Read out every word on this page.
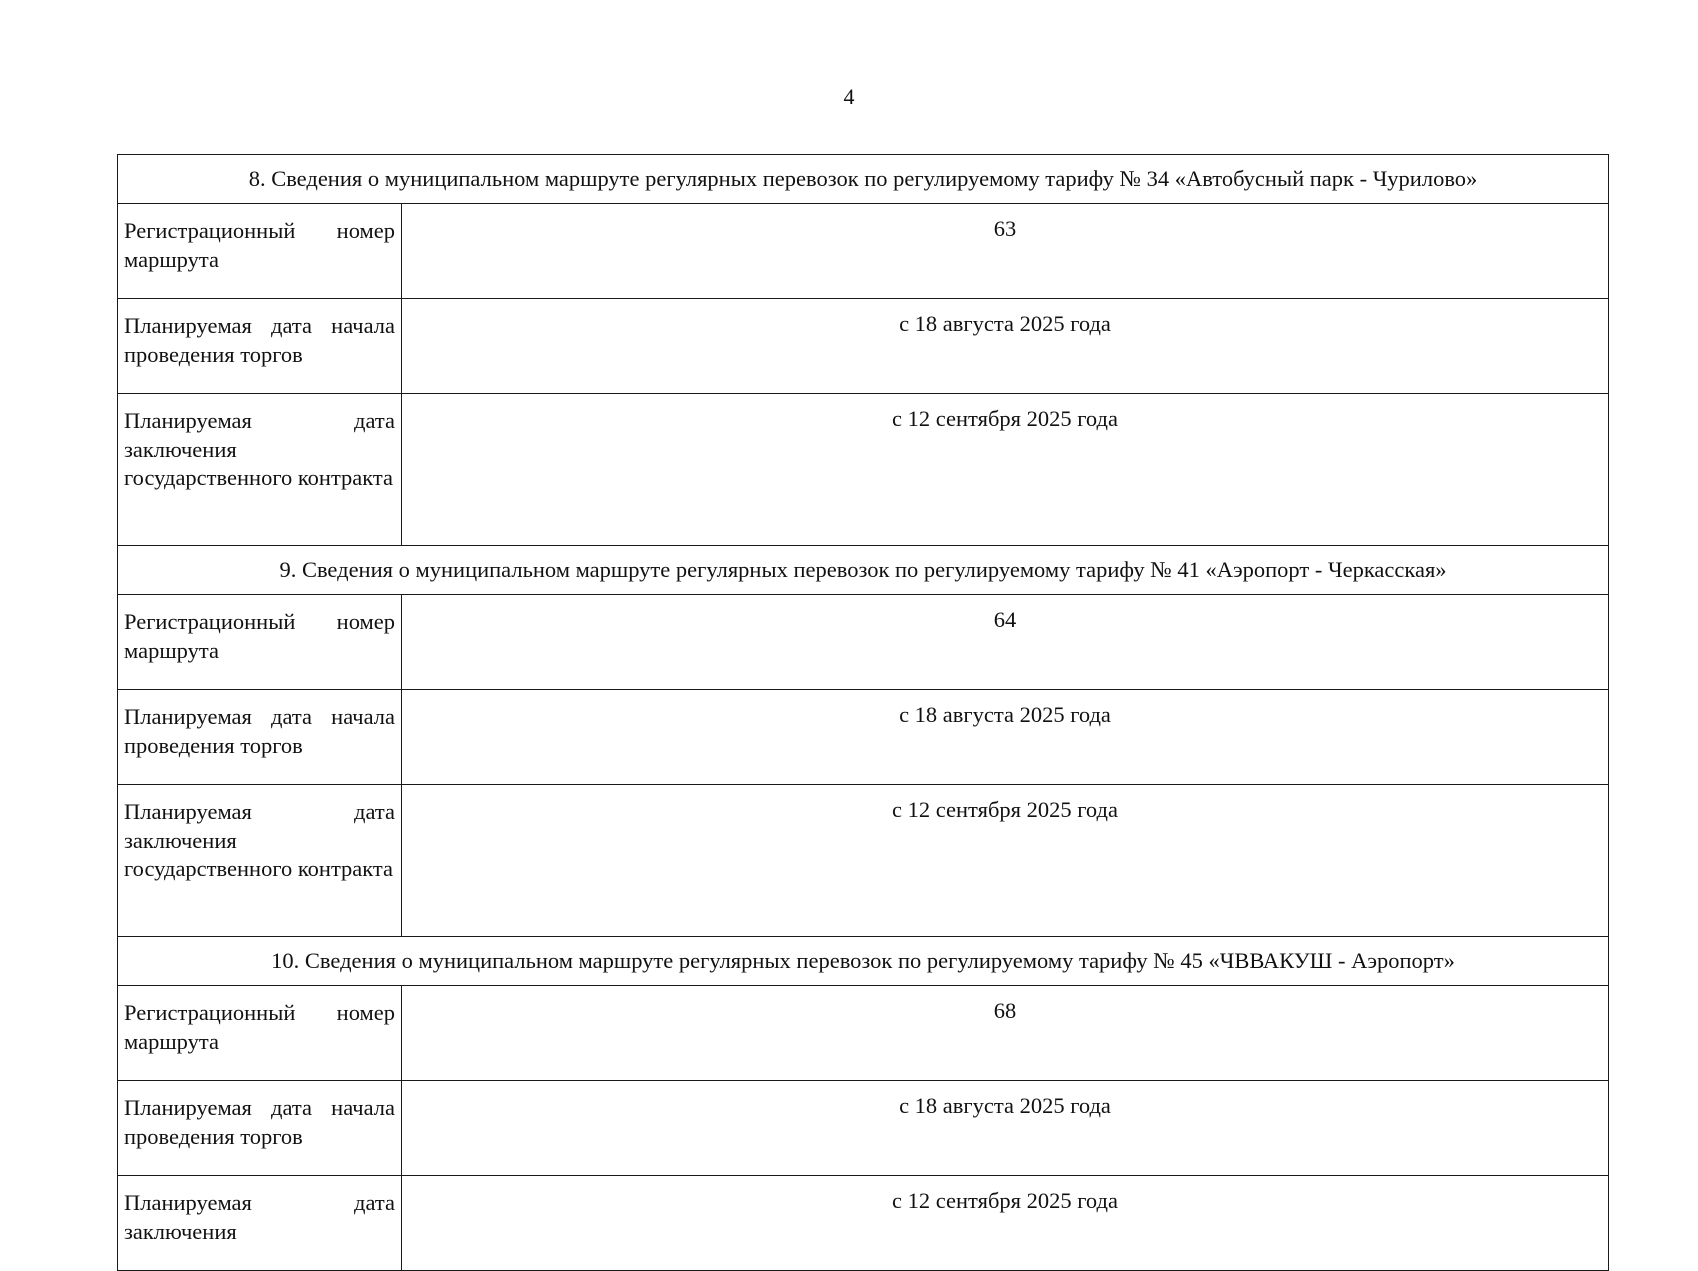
4
8. Сведения о муниципальном маршруте регулярных перевозок по регулируемому тарифу № 34 «Автобусный парк - Чурилово»	
Регистрационный номер маршрута	63
Планируемая дата начала проведения торгов	с 18 августа 2025 года
Планируемая дата заключения государственного контракта	с 12 сентября 2025 года
9. Сведения о муниципальном маршруте регулярных перевозок по регулируемому тарифу № 41 «Аэропорт - Черкасская»	
Регистрационный номер маршрута	64
Планируемая дата начала проведения торгов	с 18 августа 2025 года
Планируемая дата заключения государственного контракта	с 12 сентября 2025 года
10. Сведения о муниципальном маршруте регулярных перевозок по регулируемому тарифу № 45 «ЧВВАКУШ - Аэропорт»	
Регистрационный номер маршрута	68
Планируемая дата начала проведения торгов	с 18 августа 2025 года
Планируемая дата заключения	с 12 сентября 2025 года
